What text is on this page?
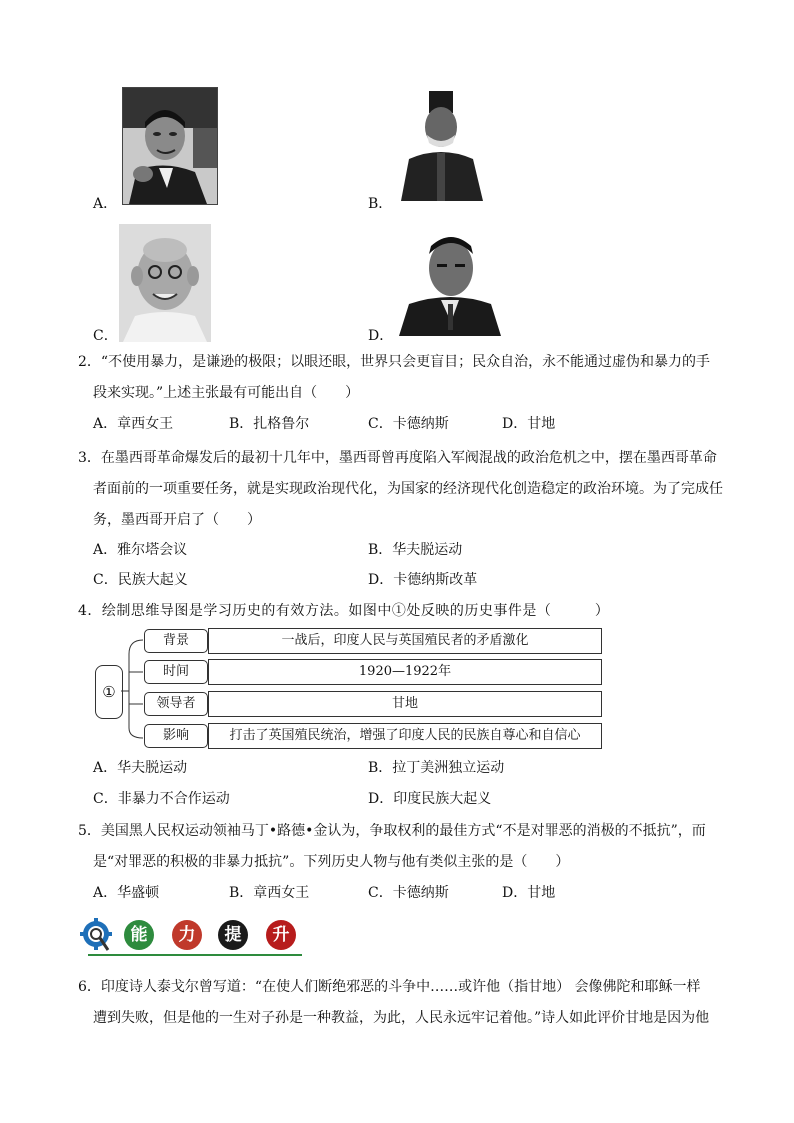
A．	B．
C．	D．
2．“不使用暴力，是谦逊的极限；以眼还眼，世界只会更盲目；民众自治，永不能通过虚伪和暴力的手
段来实现。”上述主张最有可能出自（　　）
A．章西女王	B．扎格鲁尔	C．卡德纳斯	D．甘地
3．在墨西哥革命爆发后的最初十几年中，墨西哥曾再度陷入军阀混战的政治危机之中，摆在墨西哥革命
者面前的一项重要任务，就是实现政治现代化，为国家的经济现代化创造稳定的政治环境。为了完成任
务，墨西哥开启了（　　）
A．雅尔塔会议	B．华夫脱运动
C．民族大起义	D．卡德纳斯改革
4．绘制思维导图是学习历史的有效方法。如图中①处反映的历史事件是（　　　）
①
背景	一战后，印度人民与英国殖民者的矛盾激化
时间	1920—1922年
领导者	甘地
影响	打击了英国殖民统治，增强了印度人民的民族自尊心和自信心
A．华夫脱运动	B．拉丁美洲独立运动
C．非暴力不合作运动	D．印度民族大起义
5．美国黑人民权运动领袖马丁•路德•金认为，争取权利的最佳方式“不是对罪恶的消极的不抵抗”，而
是“对罪恶的积极的非暴力抵抗”。下列历史人物与他有类似主张的是（　　）
A．华盛顿	B．章西女王	C．卡德纳斯	D．甘地
能	力	提	升
6．印度诗人泰戈尔曾写道：“在使人们断绝邪恶的斗争中……或许他（指甘地） 会像佛陀和耶稣一样
遭到失败，但是他的一生对子孙是一种教益，为此，人民永远牢记着他。”诗人如此评价甘地是因为他
